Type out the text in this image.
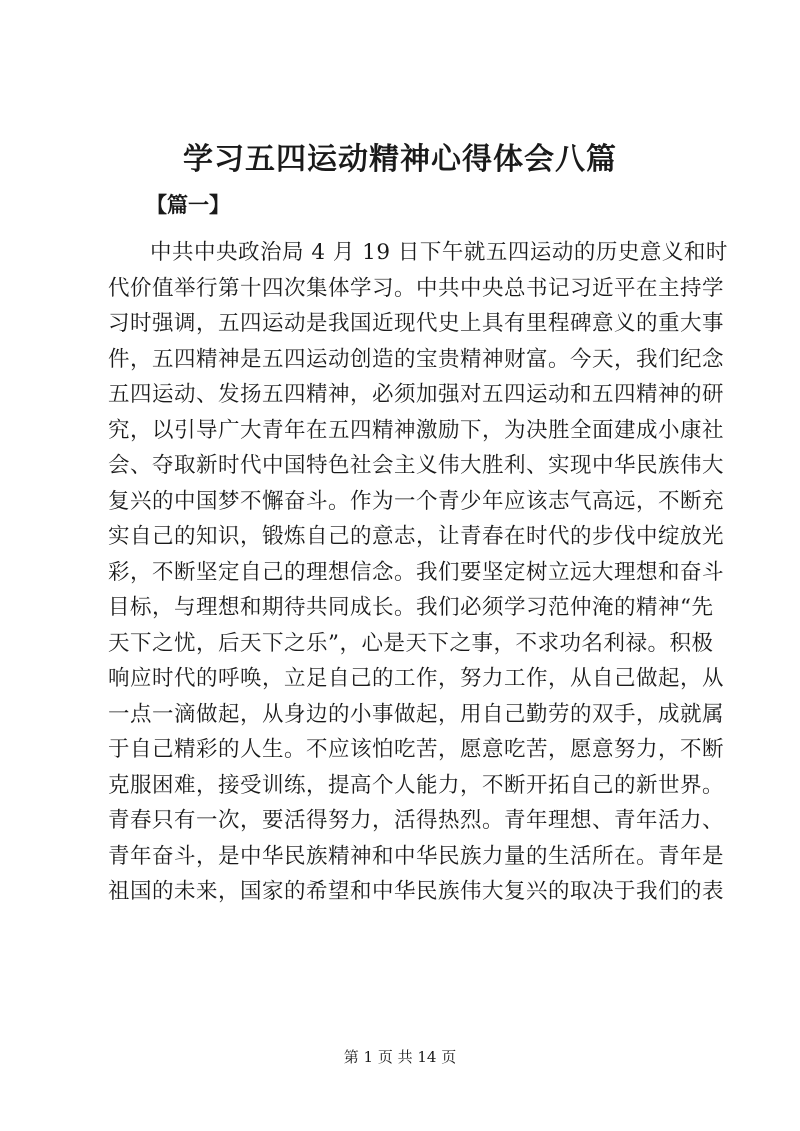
学习五四运动精神心得体会八篇

【篇一】

中共中央政治局 4 月 19 日下午就五四运动的历史意义和时
代价值举行第十四次集体学习。中共中央总书记习近平在主持学
习时强调，五四运动是我国近现代史上具有里程碑意义的重大事
件，五四精神是五四运动创造的宝贵精神财富。今天，我们纪念
五四运动、发扬五四精神，必须加强对五四运动和五四精神的研
究，以引导广大青年在五四精神激励下，为决胜全面建成小康社
会、夺取新时代中国特色社会主义伟大胜利、实现中华民族伟大
复兴的中国梦不懈奋斗。作为一个青少年应该志气高远，不断充
实自己的知识，锻炼自己的意志，让青春在时代的步伐中绽放光
彩，不断坚定自己的理想信念。我们要坚定树立远大理想和奋斗
目标，与理想和期待共同成长。我们必须学习范仲淹的精神“先
天下之忧，后天下之乐”，心是天下之事，不求功名利禄。积极
响应时代的呼唤，立足自己的工作，努力工作，从自己做起，从
一点一滴做起，从身边的小事做起，用自己勤劳的双手，成就属
于自己精彩的人生。不应该怕吃苦，愿意吃苦，愿意努力，不断
克服困难，接受训练，提高个人能力，不断开拓自己的新世界。
青春只有一次，要活得努力，活得热烈。青年理想、青年活力、
青年奋斗，是中华民族精神和中华民族力量的生活所在。青年是
祖国的未来，国家的希望和中华民族伟大复兴的取决于我们的表
第 1 页 共 14 页
